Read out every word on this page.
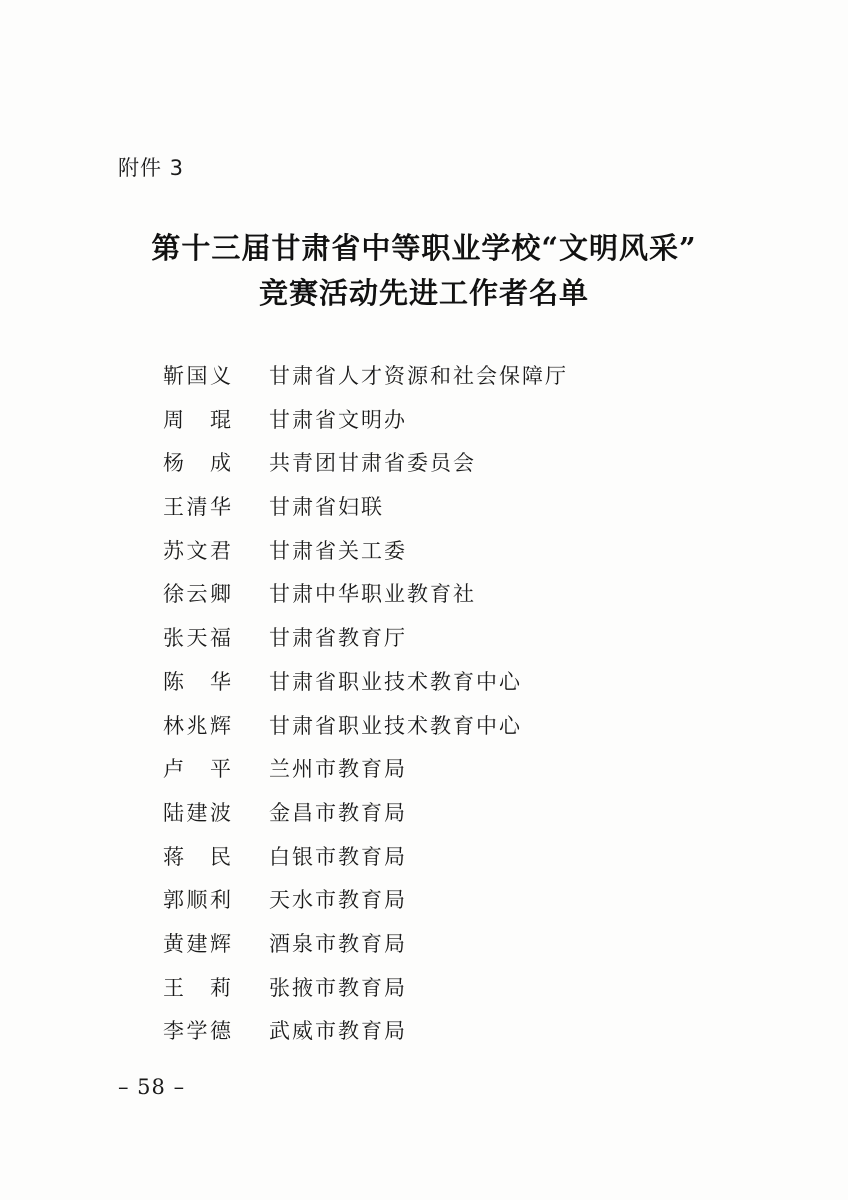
附件 3
第十三届甘肃省中等职业学校“文明风采”
竞赛活动先进工作者名单
靳国义 甘肃省人才资源和社会保障厅
周　琨 甘肃省文明办
杨　成 共青团甘肃省委员会
王清华 甘肃省妇联
苏文君 甘肃省关工委
徐云卿 甘肃中华职业教育社
张天福 甘肃省教育厅
陈　华 甘肃省职业技术教育中心
林兆辉 甘肃省职业技术教育中心
卢　平 兰州市教育局
陆建波 金昌市教育局
蒋　民 白银市教育局
郭顺利 天水市教育局
黄建辉 酒泉市教育局
王　莉 张掖市教育局
李学德 武威市教育局
– 58 –
